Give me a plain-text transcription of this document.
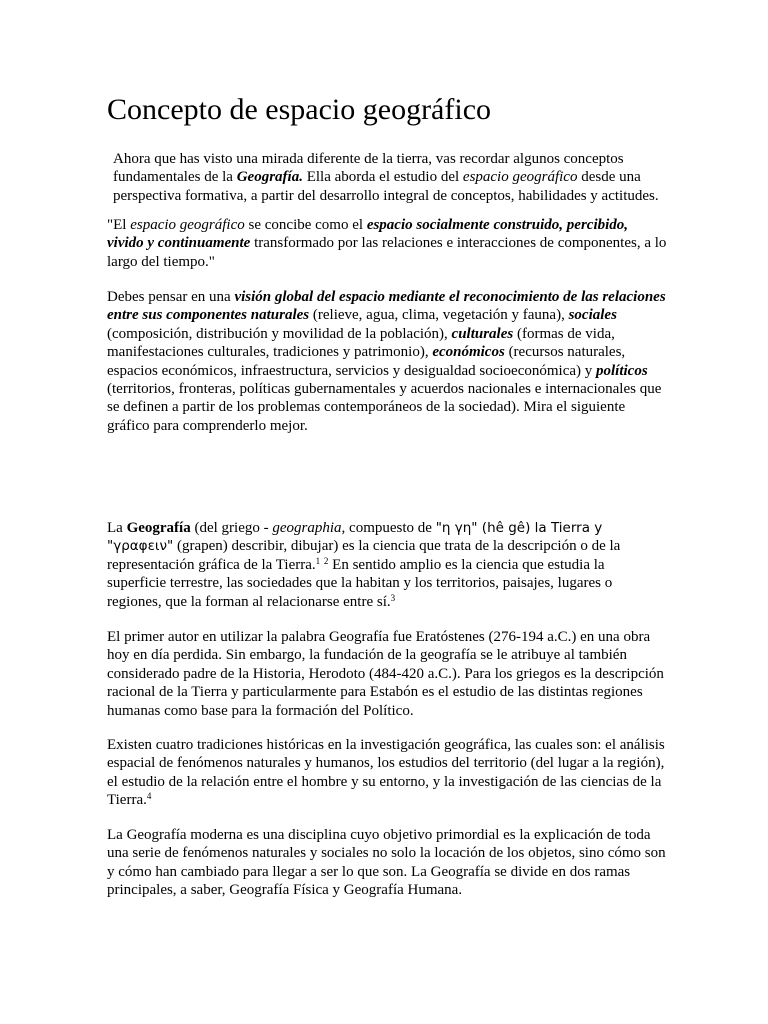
Concepto de espacio geográfico

Ahora que has visto una mirada diferente de la tierra, vas recordar algunos conceptos fundamentales de la Geografía. Ella aborda el estudio del espacio geográfico desde una perspectiva formativa, a partir del desarrollo integral de conceptos, habilidades y actitudes.

"El espacio geográfico se concibe como el espacio socialmente construido, percibido, vivido y continuamente transformado por las relaciones e interacciones de componentes, a lo largo del tiempo."

Debes pensar en una visión global del espacio mediante el reconocimiento de las relaciones entre sus componentes naturales (relieve, agua, clima, vegetación y fauna), sociales (composición, distribución y movilidad de la población), culturales (formas de vida, manifestaciones culturales, tradiciones y patrimonio), económicos (recursos naturales, espacios económicos, infraestructura, servicios y desigualdad socioeconómica) y políticos (territorios, fronteras, políticas gubernamentales y acuerdos nacionales e internacionales que se definen a partir de los problemas contemporáneos de la sociedad). Mira el siguiente gráfico para comprenderlo mejor.

La Geografía (del griego - geographia, compuesto de "η γη" (hê gê) la Tierra y "γραφειν" (grapen) describir, dibujar) es la ciencia que trata de la descripción o de la representación gráfica de la Tierra.$^1$ $^2$ En sentido amplio es la ciencia que estudia la superficie terrestre, las sociedades que la habitan y los territorios, paisajes, lugares o regiones, que la forman al relacionarse entre sí.$^3$

El primer autor en utilizar la palabra Geografía fue Eratóstenes (276-194 a.C.) en una obra hoy en día perdida. Sin embargo, la fundación de la geografía se le atribuye al también considerado padre de la Historia, Herodoto (484-420 a.C.). Para los griegos es la descripción racional de la Tierra y particularmente para Estabón es el estudio de las distintas regiones humanas como base para la formación del Político.

Existen cuatro tradiciones históricas en la investigación geográfica, las cuales son: el análisis espacial de fenómenos naturales y humanos, los estudios del territorio (del lugar a la región), el estudio de la relación entre el hombre y su entorno, y la investigación de las ciencias de la Tierra.$^4$

La Geografía moderna es una disciplina cuyo objetivo primordial es la explicación de toda una serie de fenómenos naturales y sociales no solo la locación de los objetos, sino cómo son y cómo han cambiado para llegar a ser lo que son. La Geografía se divide en dos ramas principales, a saber, Geografía Física y Geografía Humana.
